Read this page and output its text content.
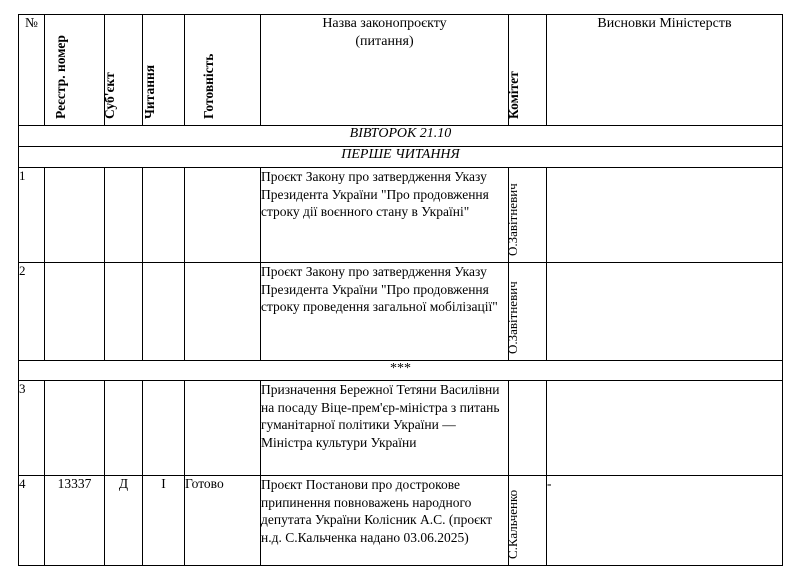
№	Реєстр. номер	Суб'єкт	Читання	Готовність	Назва законопроєкту
(питання)	Комітет	Висновки Міністерств
ВІВТОРОК 21.10							
ПЕРШЕ ЧИТАННЯ							
1					Проєкт Закону про затвердження Указу Президента України "Про продовження строку дії воєнного стану в Україні"	О.Завітневич	

2					Проєкт Закону про затвердження Указу Президента України "Про продовження строку проведення загальної мобілізації"	О.Завітневич	

***							
3					Призначення Бережної Тетяни Василівни на посаду Віце-прем'єр-міністра з питань гуманітарної політики України — Міністра культури України	

4	13337	Д	І	Готово	Проєкт Постанови про дострокове припинення повноважень народного депутата України Колісник А.С. (проєкт н.д. С.Кальченка надано 03.06.2025)	С.Кальченко	-
